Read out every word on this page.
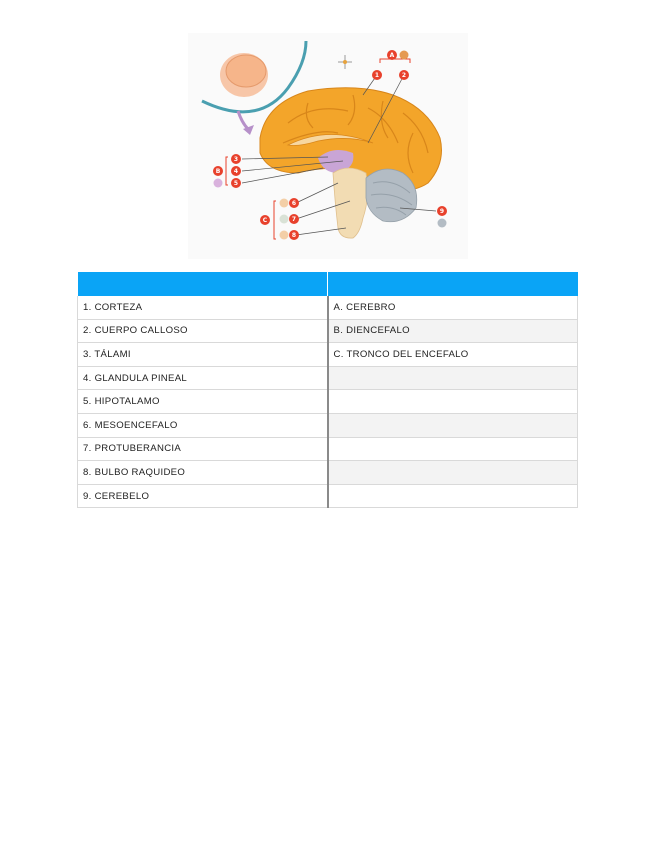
A
B
C
1	2
3
4
5
6
7
8
9

1. CORTEZA	A. CEREBRO
2. CUERPO CALLOSO	B. DIENCEFALO
3. TÁLAMI	C. TRONCO DEL ENCEFALO
4. GLANDULA PINEAL	
5. HIPOTALAMO	
6. MESOENCEFALO	
7. PROTUBERANCIA	
8. BULBO RAQUIDEO	
9. CEREBELO	
